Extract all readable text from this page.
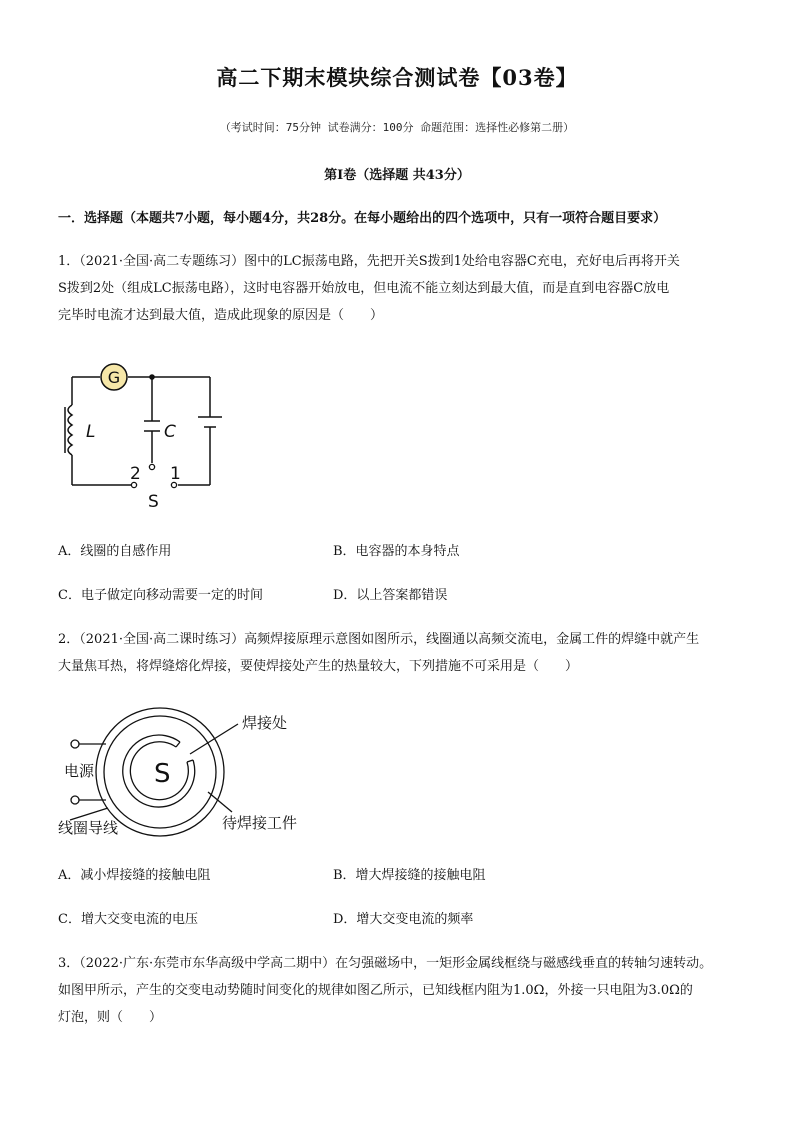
高二下期末模块综合测试卷【03卷】
（考试时间：75分钟 试卷满分：100分 命题范围：选择性必修第二册）
第Ⅰ卷（选择题 共43分）
一．选择题（本题共7小题，每小题4分，共28分。在每小题给出的四个选项中，只有一项符合题目要求）
1．（2021·全国·高二专题练习）图中的LC振荡电路，先把开关S拨到1处给电容器C充电，充好电后再将开关
S拨到2处（组成LC振荡电路），这时电容器开始放电，但电流不能立刻达到最大值，而是直到电容器C放电
完毕时电流才达到最大值，造成此现象的原因是（　　）
G
L	C
2 1
S
A．线圈的自感作用	B．电容器的本身特点
C．电子做定向移动需要一定的时间	D．以上答案都错误
2．（2021·全国·高二课时练习）高频焊接原理示意图如图所示，线圈通以高频交流电，金属工件的焊缝中就产生
大量焦耳热，将焊缝熔化焊接，要使焊接处产生的热量较大，下列措施不可采用是（　　）
S
焊接处
电源
线圈导线	待焊接工件
A．减小焊接缝的接触电阻	B．增大焊接缝的接触电阻
C．增大交变电流的电压	D．增大交变电流的频率
3．（2022·广东·东莞市东华高级中学高二期中）在匀强磁场中，一矩形金属线框绕与磁感线垂直的转轴匀速转动。
如图甲所示，产生的交变电动势随时间变化的规律如图乙所示，已知线框内阻为1.0Ω，外接一只电阻为3.0Ω的
灯泡，则（　　）
